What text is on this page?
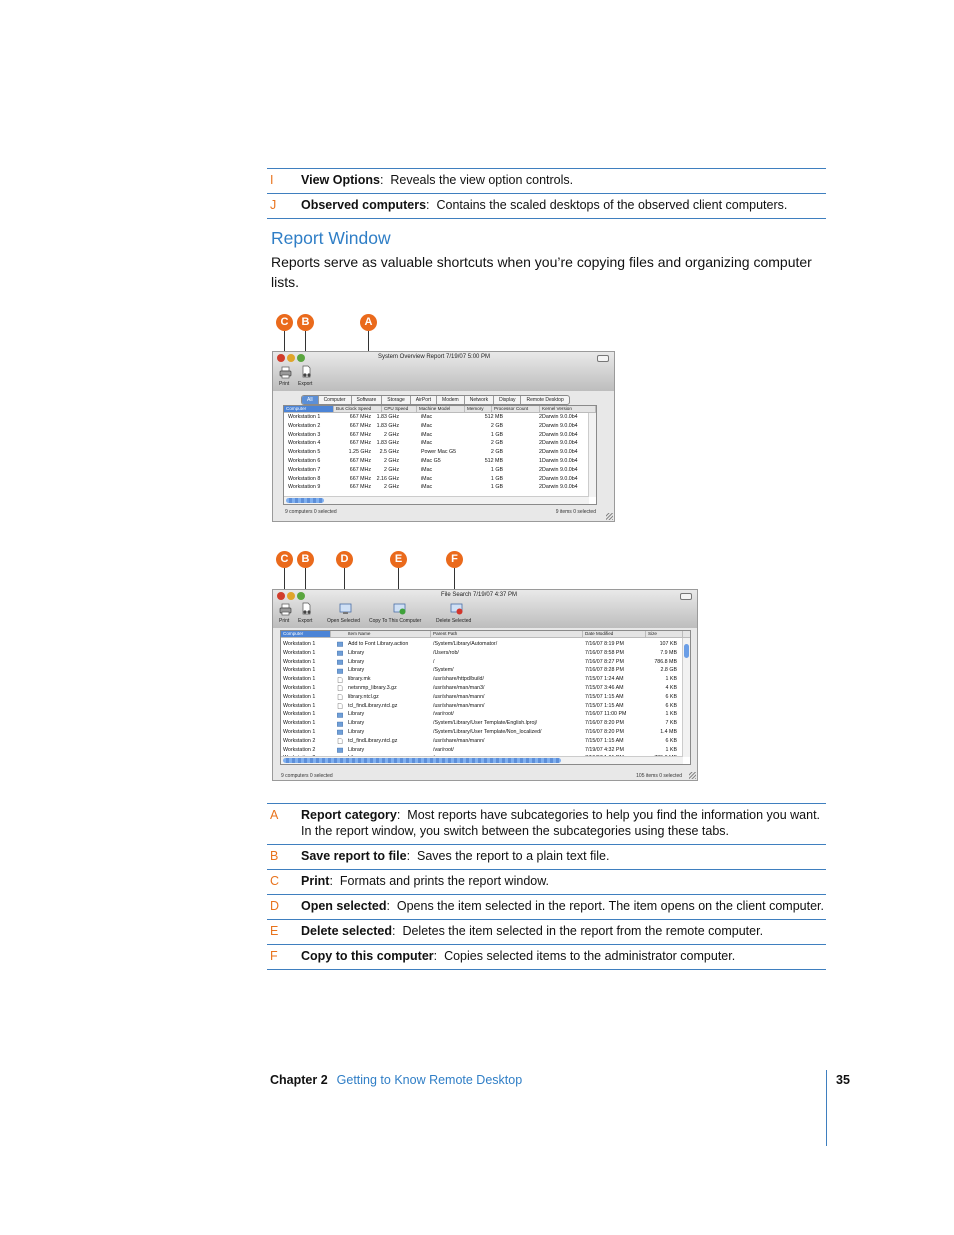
I View Options:  Reveals the view option controls.
J Observed computers:  Contains the scaled desktops of the observed client computers.
Report Window

Reports serve as valuable shortcuts when you’re copying files and organizing computer lists.

C	B	A
System Overview Report 7/19/07 5:00 PM
Print Export
All	Computer	Software	Storage	AirPort	Modem	Network	Display	Remote Desktop
Computer	Bus Clock Speed	CPU Speed	Machine Model	Memory	Processor Count	Kernel Version
Workstation 1	667 MHz	1.83 GHz	iMac	512 MB	2 Darwin 9.0.0b4
Workstation 2	667 MHz	1.83 GHz	iMac	2 GB	2 Darwin 9.0.0b4
Workstation 3	667 MHz	2 GHz	iMac	1 GB	2 Darwin 9.0.0b4
Workstation 4	667 MHz	1.83 GHz	iMac	2 GB	2 Darwin 9.0.0b4
Workstation 5	1.25 GHz	2.5 GHz	Power Mac G5	2 GB	2 Darwin 9.0.0b4
Workstation 6	667 MHz	2 GHz	iMac G5	512 MB	1 Darwin 9.0.0b4
Workstation 7	667 MHz	2 GHz	iMac	1 GB	2 Darwin 9.0.0b4
Workstation 8	667 MHz	2.16 GHz	iMac	1 GB	2 Darwin 9.0.0b4
Workstation 9	667 MHz	2 GHz	iMac	1 GB	2 Darwin 9.0.0b4
9 computers 0 selected	9 items 0 selected
C	B	D	E	F
File Search 7/19/07 4:37 PM
Print Export	Open Selected Copy To This Computer	Delete Selected
Computer	Item Name	Parent Path	Date Modified	Size
Workstation 1	Add to Font Library.action	/System/Library/Automator/	7/16/07 8:19 PM	107 KB
Workstation 1	Library	/Users/rob/	7/16/07 8:58 PM	7.9 MB
Workstation 1	Library	/	7/16/07 8:27 PM	786.8 MB
Workstation 1	Library	/System/	7/16/07 8:28 PM	2.8 GB
Workstation 1	library.mk	/usr/share/httpd/build/	7/15/07 1:24 AM	1 KB
Workstation 1	netsnmp_library.3.gz	/usr/share/man/man3/	7/15/07 3:46 AM	4 KB
Workstation 1	library.ntcl.gz	/usr/share/man/mann/	7/15/07 1:15 AM	6 KB
Workstation 1	tcl_findLibrary.ntcl.gz	/usr/share/man/mann/	7/15/07 1:15 AM	6 KB
Workstation 1	Library	/var/root/	7/16/07 11:00 PM	1 KB
Workstation 1	Library	/System/Library/User Template/English.lproj/	7/16/07 8:20 PM	7 KB
Workstation 1	Library	/System/Library/User Template/Non_localized/	7/16/07 8:20 PM	1.4 MB
Workstation 2	tcl_findLibrary.ntcl.gz	/usr/share/man/mann/	7/15/07 1:15 AM	6 KB
Workstation 2	Library	/var/root/	7/19/07 4:32 PM	1 KB
9 computers 0 selected	105 items 0 selected
A Report category:  Most reports have subcategories to help you find the information you want. In the report window, you switch between the subcategories using these tabs.
B Save report to file:  Saves the report to a plain text file.
C Print:  Formats and prints the report window.
D Open selected:  Opens the item selected in the report. The item opens on the client computer.
E Delete selected:  Deletes the item selected in the report from the remote computer.
F Copy to this computer:  Copies selected items to the administrator computer.
Chapter 2 Getting to Know Remote Desktop	35
